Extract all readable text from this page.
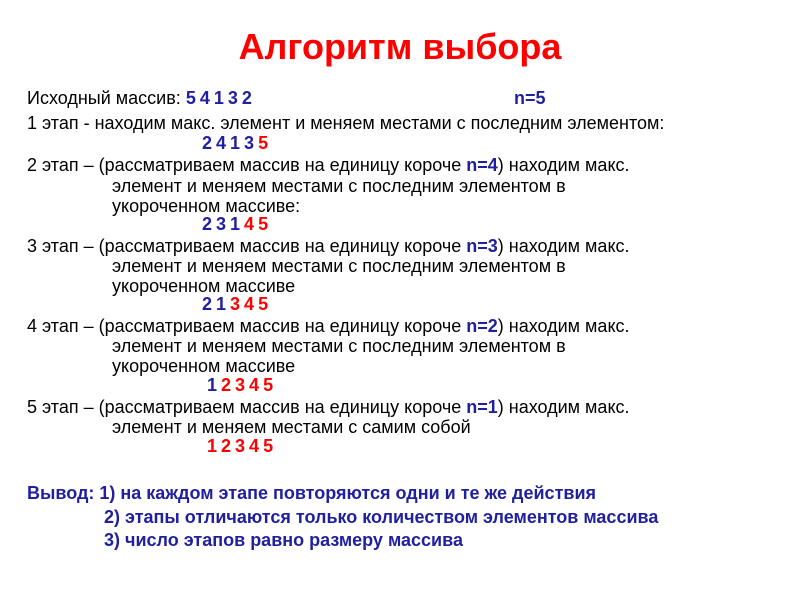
Алгоритм выбора
Исходный массив: 5 4 1 3 2	n=5
1 этап - находим макс. элемент и меняем местами с последним элементом:
2 4 1 3 5
2 этап – (рассматриваем массив на единицу короче n=4) находим макс.
элемент и меняем местами с последним элементом в
укороченном массиве:
2 3 1 4 5
3 этап – (рассматриваем массив на единицу короче n=3) находим макс.
элемент и меняем местами с последним элементом в
укороченном массиве
2 1 3 4 5
4 этап – (рассматриваем массив на единицу короче n=2) находим макс.
элемент и меняем местами с последним элементом в
укороченном массиве
1 2 3 4 5
5 этап – (рассматриваем массив на единицу короче n=1) находим макс.
элемент и меняем местами с самим собой
1 2 3 4 5
Вывод: 1) на каждом этапе повторяются одни и те же действия
2) этапы отличаются только количеством элементов массива
3) число этапов равно размеру массива
